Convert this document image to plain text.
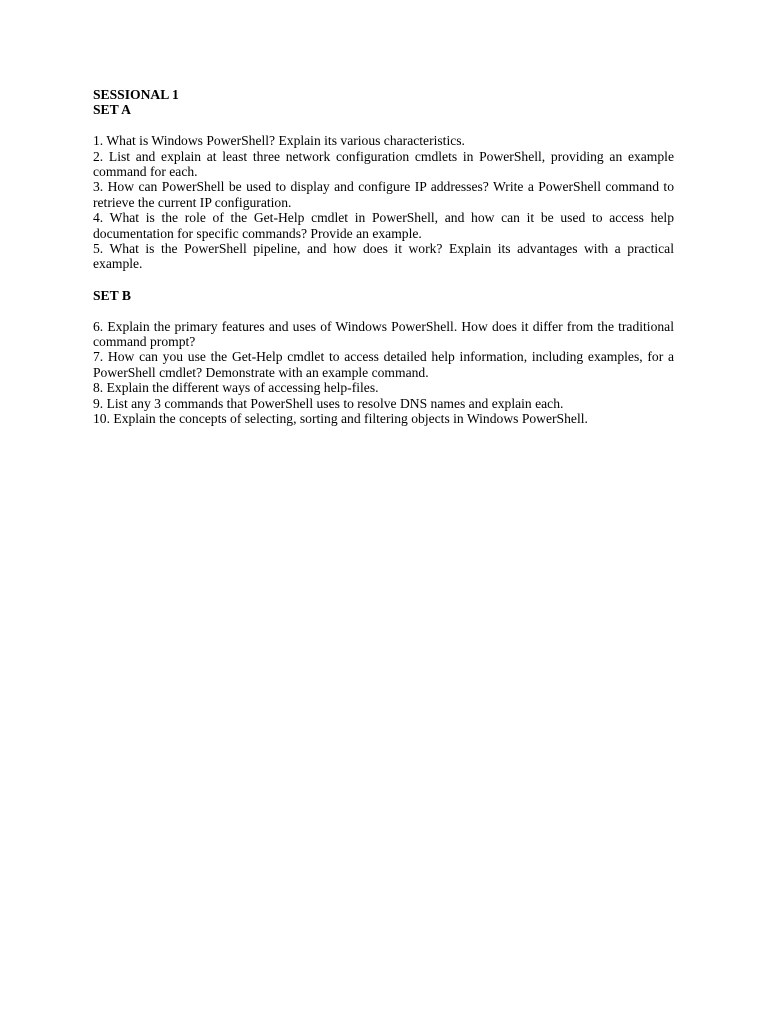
SESSIONAL 1

SET A

1. What is Windows PowerShell? Explain its various characteristics.

2. List and explain at least three network configuration cmdlets in PowerShell, providing an example command for each.

3. How can PowerShell be used to display and configure IP addresses? Write a PowerShell command to retrieve the current IP configuration.

4. What is the role of the Get-Help cmdlet in PowerShell, and how can it be used to access help documentation for specific commands? Provide an example.

5. What is the PowerShell pipeline, and how does it work? Explain its advantages with a practical example.

SET B

6. Explain the primary features and uses of Windows PowerShell. How does it differ from the traditional command prompt?

7. How can you use the Get-Help cmdlet to access detailed help information, including examples, for a PowerShell cmdlet? Demonstrate with an example command.

8. Explain the different ways of accessing help-files.

9. List any 3 commands that PowerShell uses to resolve DNS names and explain each.

10. Explain the concepts of selecting, sorting and filtering objects in Windows PowerShell.
